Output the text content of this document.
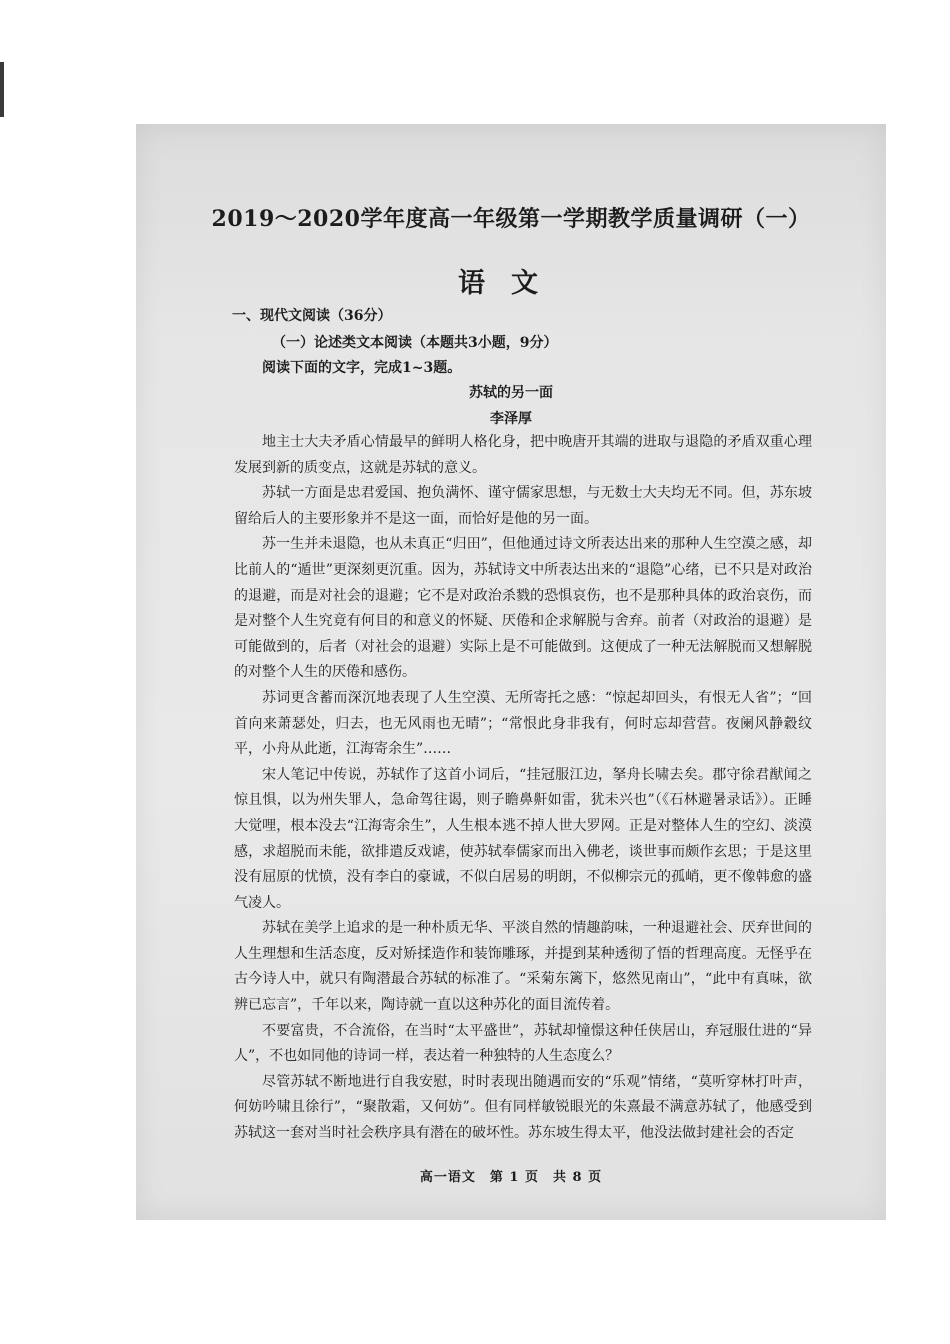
2019～2020学年度高一年级第一学期教学质量调研（一）
语文

一、现代文阅读（36分）

（一）论述类文本阅读（本题共3小题，9分）

阅读下面的文字，完成1~3题。

苏轼的另一面

李泽厚

地主士大夫矛盾心情最早的鲜明人格化身，把中晚唐开其端的进取与退隐的矛盾双重心理发展到新的质变点，这就是苏轼的意义。

苏轼一方面是忠君爱国、抱负满怀、谨守儒家思想，与无数士大夫均无不同。但，苏东坡留给后人的主要形象并不是这一面，而恰好是他的另一面。

苏一生并未退隐，也从未真正“归田”，但他通过诗文所表达出来的那种人生空漠之感，却比前人的“遁世”更深刻更沉重。因为，苏轼诗文中所表达出来的“退隐”心绪，已不只是对政治的退避，而是对社会的退避；它不是对政治杀戮的恐惧哀伤，也不是那种具体的政治哀伤，而是对整个人生究竟有何目的和意义的怀疑、厌倦和企求解脱与舍弃。前者（对政治的退避）是可能做到的，后者（对社会的退避）实际上是不可能做到。这便成了一种无法解脱而又想解脱的对整个人生的厌倦和感伤。

苏词更含蓄而深沉地表现了人生空漠、无所寄托之感：“惊起却回头，有恨无人省”；“回首向来萧瑟处，归去，也无风雨也无晴”；“常恨此身非我有，何时忘却营营。夜阑风静縠纹平，小舟从此逝，江海寄余生”……

宋人笔记中传说，苏轼作了这首小词后，“挂冠服江边，拏舟长啸去矣。郡守徐君猷闻之惊且惧，以为州失罪人，急命驾往谒，则子瞻鼻鼾如雷，犹未兴也”（《石林避暑录话》）。正睡大觉哩，根本没去“江海寄余生”，人生根本逃不掉人世大罗网。正是对整体人生的空幻、淡漠感，求超脱而未能，欲排遣反戏谑，使苏轼奉儒家而出入佛老，谈世事而颇作玄思；于是这里没有屈原的忧愤，没有李白的豪诚，不似白居易的明朗，不似柳宗元的孤峭，更不像韩愈的盛气凌人。

苏轼在美学上追求的是一种朴质无华、平淡自然的情趣韵味，一种退避社会、厌弃世间的人生理想和生活态度，反对矫揉造作和装饰雕琢，并提到某种透彻了悟的哲理高度。无怪乎在古今诗人中，就只有陶潜最合苏轼的标准了。“采菊东篱下，悠然见南山”，“此中有真味，欲辨已忘言”，千年以来，陶诗就一直以这种苏化的面目流传着。

不要富贵，不合流俗，在当时“太平盛世”，苏轼却憧憬这种任侠居山，弃冠服仕进的“异人”，不也如同他的诗词一样，表达着一种独特的人生态度么？

尽管苏轼不断地进行自我安慰，时时表现出随遇而安的“乐观”情绪，“莫听穿林打叶声，何妨吟啸且徐行”，“聚散霜，又何妨”。但有同样敏锐眼光的朱熹最不满意苏轼了，他感受到苏轼这一套对当时社会秩序具有潜在的破坏性。苏东坡生得太平，他没法做封建社会的否定

高一语文　第 1 页　共 8 页
